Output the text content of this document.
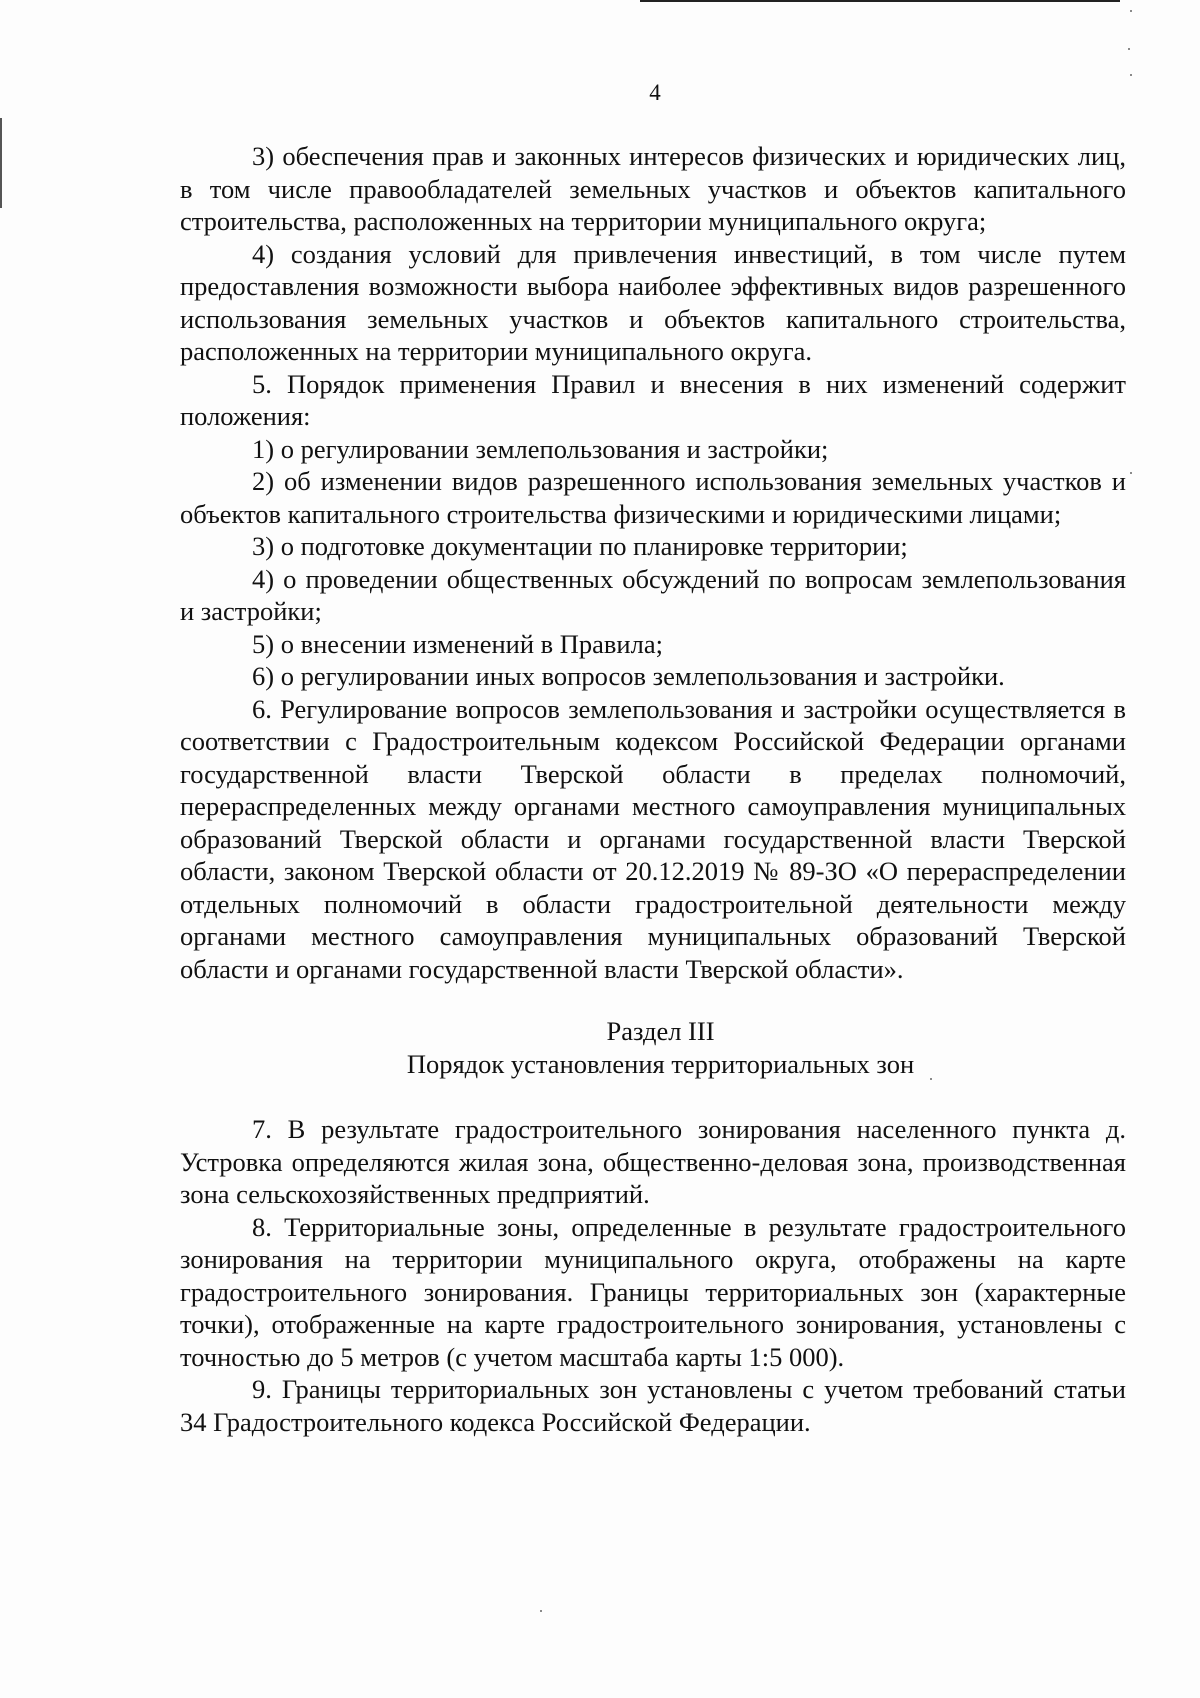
4

3) обеспечения прав и законных интересов физических и юридических лиц, в том числе правообладателей земельных участков и объектов капитального строительства, расположенных на территории муниципального округа;

4) создания условий для привлечения инвестиций, в том числе путем предоставления возможности выбора наиболее эффективных видов разрешенного использования земельных участков и объектов капитального строительства, расположенных на территории муниципального округа.

5. Порядок применения Правил и внесения в них изменений содержит положения:

1) о регулировании землепользования и застройки;

2) об изменении видов разрешенного использования земельных участков и объектов капитального строительства физическими и юридическими лицами;

3) о подготовке документации по планировке территории;

4) о проведении общественных обсуждений по вопросам землепользования и застройки;

5) о внесении изменений в Правила;

6) о регулировании иных вопросов землепользования и застройки.

6. Регулирование вопросов землепользования и застройки осуществляется в соответствии с Градостроительным кодексом Российской Федерации органами государственной власти Тверской области в пределах полномочий, перераспределенных между органами местного самоуправления муниципальных образований Тверской области и органами государственной власти Тверской области, законом Тверской области от 20.12.2019 № 89-ЗО «О перераспределении отдельных полномочий в области градостроительной деятельности между органами местного самоуправления муниципальных образований Тверской области и органами государственной власти Тверской области».

Раздел III

Порядок установления территориальных зон

7. В результате градостроительного зонирования населенного пункта д. Устровка определяются жилая зона, общественно-деловая зона, производственная зона сельскохозяйственных предприятий.

8. Территориальные зоны, определенные в результате градостроительного зонирования на территории муниципального округа, отображены на карте градостроительного зонирования. Границы территориальных зон (характерные точки), отображенные на карте градостроительного зонирования, установлены с точностью до 5 метров (с учетом масштаба карты 1:5 000).

9. Границы территориальных зон установлены с учетом требований статьи 34 Градостроительного кодекса Российской Федерации.
